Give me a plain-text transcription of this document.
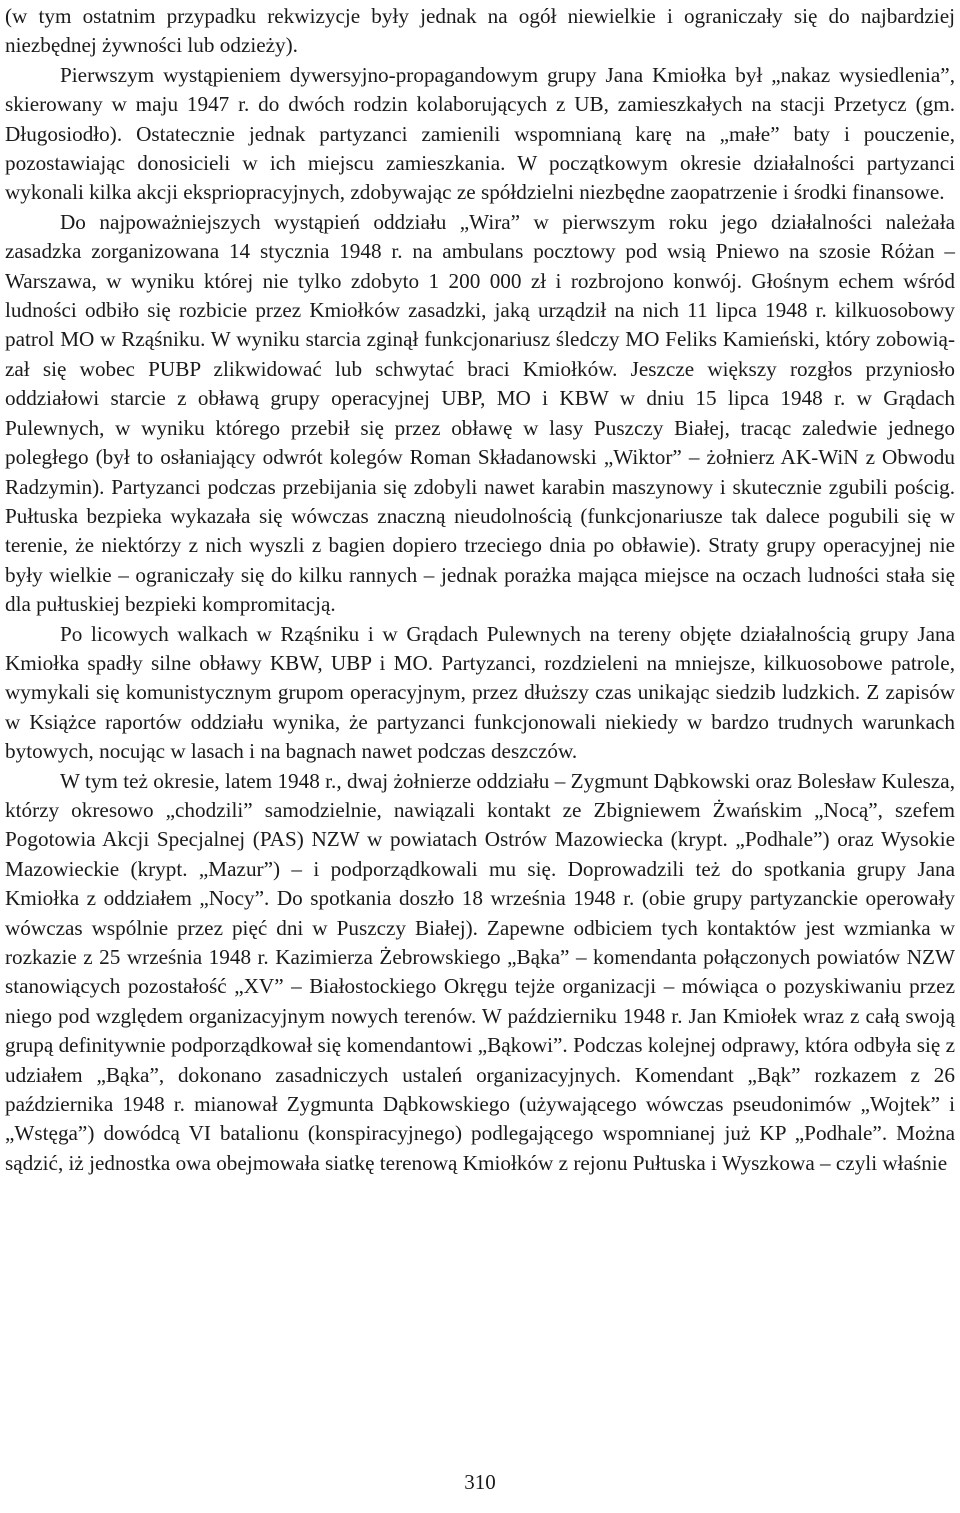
(w tym ostatnim przypadku rekwizycje były jednak na ogół niewielkie i ograniczały się do najbardziej niezbędnej żywności lub odzieży).

Pierwszym wystąpieniem dywersyjno-propagandowym grupy Jana Kmiołka był „nakaz wysiedlenia”, skierowany w maju 1947 r. do dwóch rodzin kolaborujących z UB, zamieszkałych na stacji Przetycz (gm. Długosiodło). Ostatecznie jednak partyzanci zamienili wspomnianą karę na „małe” baty i pouczenie, pozostawiając donosicieli w ich miejscu zamieszkania. W początkowym okresie działalności partyzanci wykonali kilka akcji ekspriopracyjnych, zdobywając ze spółdzielni niezbędne zaopatrzenie i środki finansowe.

Do najpoważniejszych wystąpień oddziału „Wira” w pierwszym roku jego działalności należała zasadzka zorganizowana 14 stycznia 1948 r. na ambulans pocztowy pod wsią Pniewo na szosie Różan – Warszawa, w wyniku której nie tylko zdobyto 1 200 000 zł i rozbrojono konwój. Głośnym echem wśród ludności odbiło się rozbicie przez Kmiołków zasadzki, jaką urządził na nich 11 lipca 1948 r. kilkuosobowy patrol MO w Rząśniku. W wyniku starcia zginął funkcjonariusz śledczy MO Feliks Kamieński, który zobowiązał się wobec PUBP zlikwidować lub schwytać braci Kmiołków. Jeszcze większy rozgłos przyniosło oddziałowi starcie z obławą grupy operacyjnej UBP, MO i KBW w dniu 15 lipca 1948 r. w Grądach Pulewnych, w wyniku którego przebił się przez obławę w lasy Puszczy Białej, tracąc zaledwie jednego poległego (był to osłaniający odwrót kolegów Roman Składanowski „Wiktor” – żołnierz AK-WiN z Obwodu Radzymin). Partyzanci podczas przebijania się zdobyli nawet karabin maszynowy i skutecznie zgubili pościg. Pułtuska bezpieka wykazała się wówczas znaczną nieudolnością (funkcjonariusze tak dalece pogubili się w terenie, że niektórzy z nich wyszli z bagien dopiero trzeciego dnia po obławie). Straty grupy operacyjnej nie były wielkie – ograniczały się do kilku rannych – jednak porażka mająca miejsce na oczach ludności stała się dla pułtuskiej bezpieki kompromitacją.

Po licowych walkach w Rząśniku i w Grądach Pulewnych na tereny objęte działalnością grupy Jana Kmiołka spadły silne obławy KBW, UBP i MO. Partyzanci, rozdzieleni na mniejsze, kilkuosobowe patrole, wymykali się komunistycznym grupom operacyjnym, przez dłuższy czas unikając siedzib ludzkich. Z zapisów w Książce raportów oddziału wynika, że partyzanci funkcjonowali niekiedy w bardzo trudnych warunkach bytowych, nocując w lasach i na bagnach nawet podczas deszczów.

W tym też okresie, latem 1948 r., dwaj żołnierze oddziału – Zygmunt Dąbkowski oraz Bolesław Kulesza, którzy okresowo „chodzili” samodzielnie, nawiązali kontakt ze Zbigniewem Żwańskim „Nocą”, szefem Pogotowia Akcji Specjalnej (PAS) NZW w powiatach Ostrów Mazowiecka (krypt. „Podhale”) oraz Wysokie Mazowieckie (krypt. „Mazur”) – i podporządkowali mu się. Doprowadzili też do spotkania grupy Jana Kmiołka z oddziałem „Nocy”. Do spotkania doszło 18 września 1948 r. (obie grupy partyzanckie operowały wówczas wspólnie przez pięć dni w Puszczy Białej). Zapewne odbiciem tych kontaktów jest wzmianka w rozkazie z 25 września 1948 r. Kazimierza Żebrowskiego „Bąka” – komendanta połączonych powiatów NZW stanowiących pozostałość „XV” – Białostockiego Okręgu tejże organizacji – mówiąca o pozyskiwaniu przez niego pod względem organizacyjnym nowych terenów. W październiku 1948 r. Jan Kmiołek wraz z całą swoją grupą definitywnie podporządkował się komendantowi „Bąkowi”. Podczas kolejnej odprawy, która odbyła się z udziałem „Bąka”, dokonano zasadniczych ustaleń organizacyjnych. Komendant „Bąk” rozkazem z 26 października 1948 r. mianował Zygmunta Dąbkowskiego (używającego wówczas pseudonimów „Wojtek” i „Wstęga”) dowódcą VI batalionu (konspiracyjnego) podlegającego wspomnianej już KP „Podhale”. Można sądzić, iż jednostka owa obejmowała siatkę terenową Kmiołków z rejonu Pułtuska i Wyszkowa – czyli właśnie

310
